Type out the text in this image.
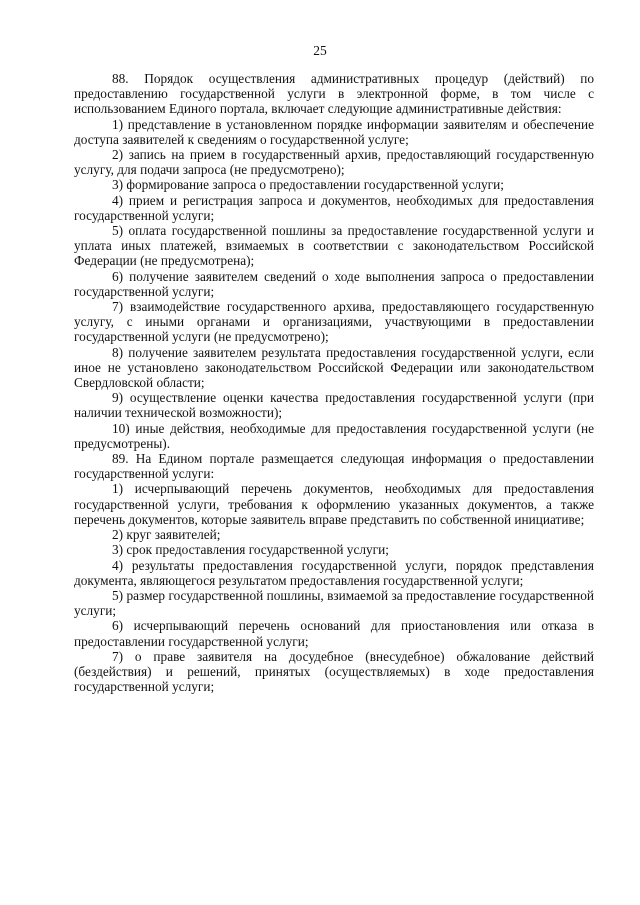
25

88. Порядок осуществления административных процедур (действий) по предоставлению государственной услуги в электронной форме, в том числе с использованием Единого портала, включает следующие административные действия:

1) представление в установленном порядке информации заявителям и обеспечение доступа заявителей к сведениям о государственной услуге;

2) запись на прием в государственный архив, предоставляющий государственную услугу, для подачи запроса (не предусмотрено);

3) формирование запроса о предоставлении государственной услуги;

4) прием и регистрация запроса и документов, необходимых для предоставления государственной услуги;

5) оплата государственной пошлины за предоставление государственной услуги и уплата иных платежей, взимаемых в соответствии с законодательством Российской Федерации (не предусмотрена);

6) получение заявителем сведений о ходе выполнения запроса о предоставлении государственной услуги;

7) взаимодействие государственного архива, предоставляющего государственную услугу, с иными органами и организациями, участвующими в предоставлении государственной услуги (не предусмотрено);

8) получение заявителем результата предоставления государственной услуги, если иное не установлено законодательством Российской Федерации или законодательством Свердловской области;

9) осуществление оценки качества предоставления государственной услуги (при наличии технической возможности);

10) иные действия, необходимые для предоставления государственной услуги (не предусмотрены).

89. На Едином портале размещается следующая информация о предоставлении государственной услуги:

1) исчерпывающий перечень документов, необходимых для предоставления государственной услуги, требования к оформлению указанных документов, а также перечень документов, которые заявитель вправе представить по собственной инициативе;

2) круг заявителей;

3) срок предоставления государственной услуги;

4) результаты предоставления государственной услуги, порядок представления документа, являющегося результатом предоставления государственной услуги;

5) размер государственной пошлины, взимаемой за предоставление государственной услуги;

6) исчерпывающий перечень оснований для приостановления или отказа в предоставлении государственной услуги;

7) о праве заявителя на досудебное (внесудебное) обжалование действий (бездействия) и решений, принятых (осуществляемых) в ходе предоставления государственной услуги;
